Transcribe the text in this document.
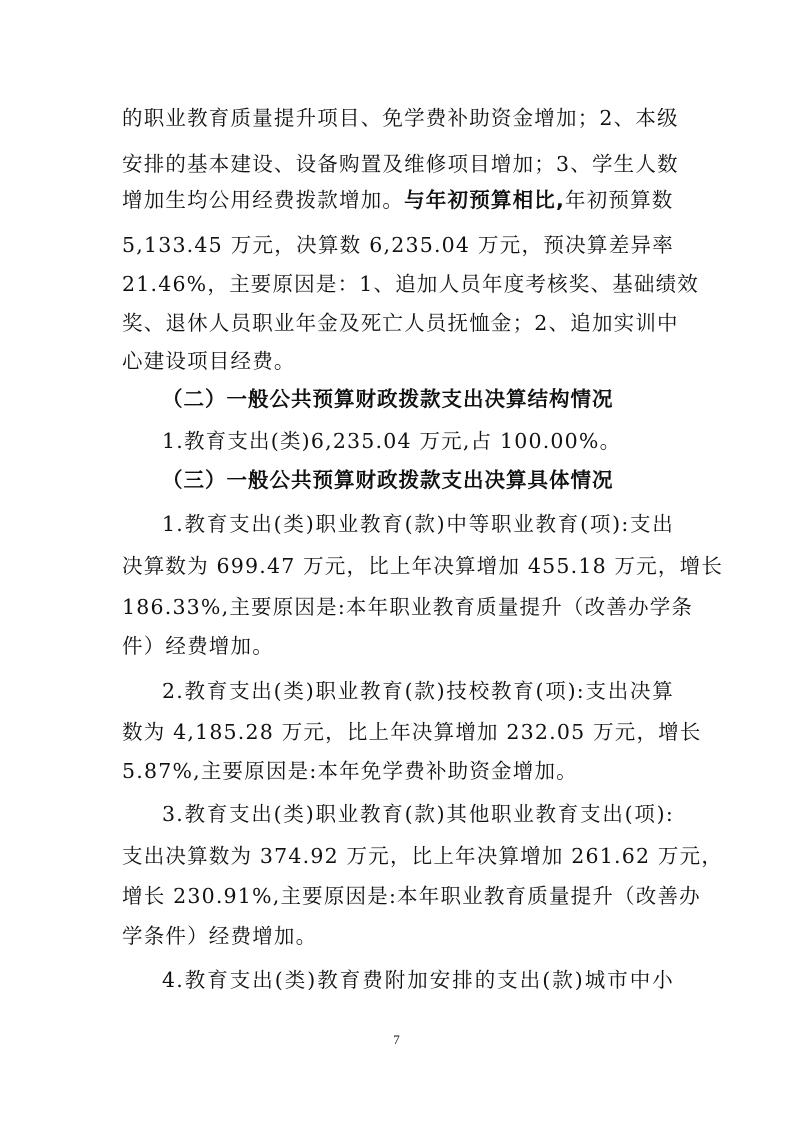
的职业教育质量提升项目、免学费补助资金增加；2、本级
安排的基本建设、设备购置及维修项目增加；3、学生人数
增加生均公用经费拨款增加。与年初预算相比,年初预算数
5,133.45 万元，决算数 6,235.04 万元，预决算差异率
21.46%，主要原因是：1、追加人员年度考核奖、基础绩效
奖、退休人员职业年金及死亡人员抚恤金；2、追加实训中
心建设项目经费。
（二）一般公共预算财政拨款支出决算结构情况
1.教育支出(类)6,235.04 万元,占 100.00%。
（三）一般公共预算财政拨款支出决算具体情况
1.教育支出(类)职业教育(款)中等职业教育(项):支出
决算数为 699.47 万元，比上年决算增加 455.18 万元，增长
186.33%,主要原因是:本年职业教育质量提升（改善办学条
件）经费增加。
2.教育支出(类)职业教育(款)技校教育(项):支出决算
数为 4,185.28 万元，比上年决算增加 232.05 万元，增长
5.87%,主要原因是:本年免学费补助资金增加。
3.教育支出(类)职业教育(款)其他职业教育支出(项):
支出决算数为 374.92 万元，比上年决算增加 261.62 万元，
增长 230.91%,主要原因是:本年职业教育质量提升（改善办
学条件）经费增加。
4.教育支出(类)教育费附加安排的支出(款)城市中小
7
